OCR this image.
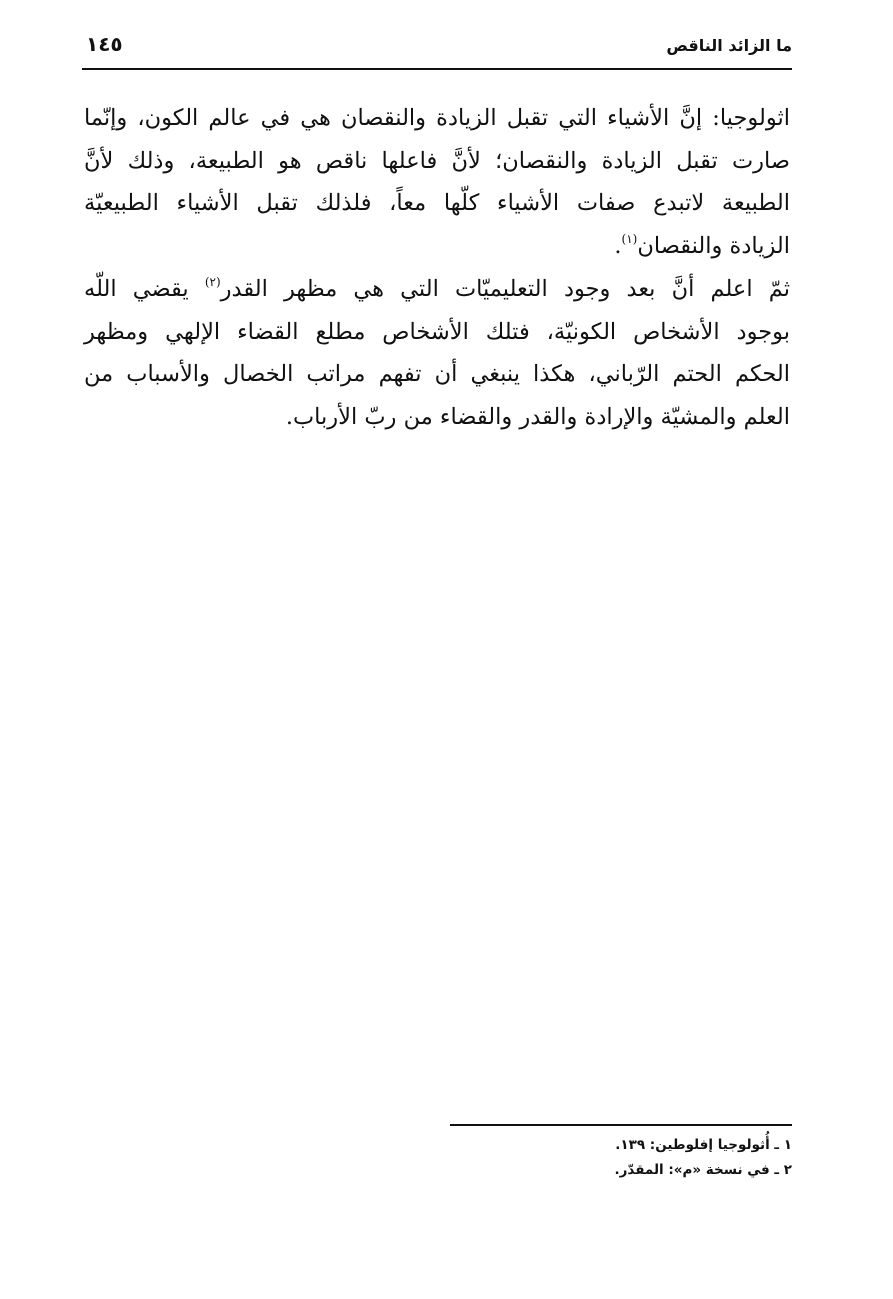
ما الزائد الناقص
١٤٥
اثولوجيا: إنَّ الأشياء التي تقبل الزيادة والنقصان هي في عالم الكون، وإنّما
صارت تقبل الزيادة والنقصان؛ لأنَّ فاعلها ناقص هو الطبيعة، وذلك لأنَّ
الطبيعة لاتبدع صفات الأشياء كلّها معاً، فلذلك تقبل الأشياء الطبيعيّة
الزيادة والنقصان$^{(١)}$.
ثمّ اعلم أنَّ بعد وجود التعليميّات التي هي مظهر القدر$^{(٢)}$ يقضي اللّه
بوجود الأشخاص الكونيّة، فتلك الأشخاص مطلع القضاء الإلهي ومظهر
الحكم الحتم الرّباني، هكذا ينبغي أن تفهم مراتب الخصال والأسباب من
العلم والمشيّة والإرادة والقدر والقضاء من ربّ الأرباب.
١ ـ أُثولوجيا إفلوطين: ١٣٩.
٢ ـ في نسخة «م»: المقدّر.
